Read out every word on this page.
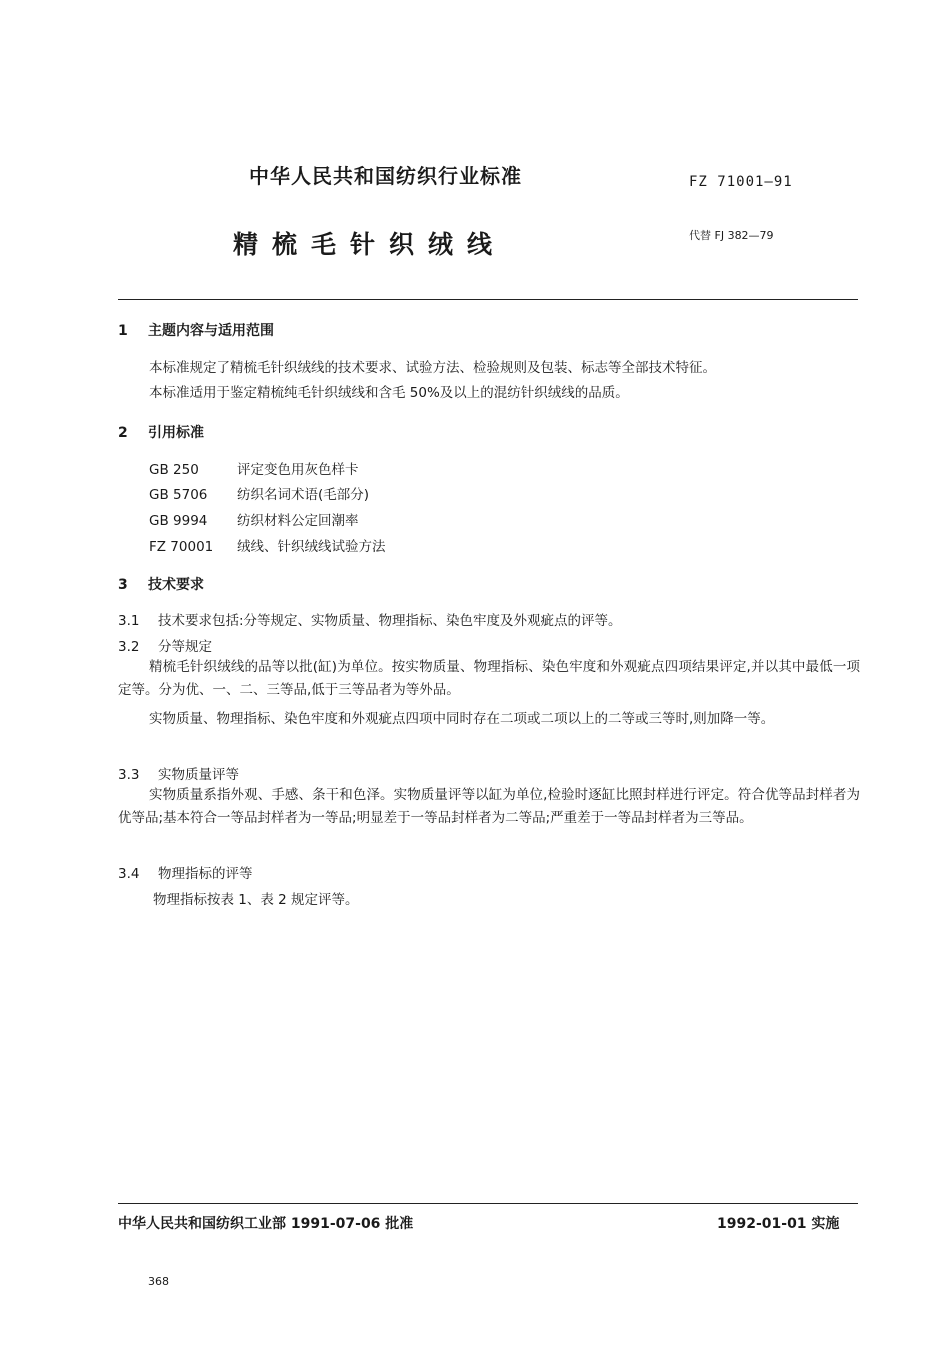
中华人民共和国纺织行业标准	FZ 71001—91
精梳毛针织绒线	代替 FJ 382—79
1 主题内容与适用范围
本标准规定了精梳毛针织绒线的技术要求、试验方法、检验规则及包装、标志等全部技术特征。
本标准适用于鉴定精梳纯毛针织绒线和含毛 50%及以上的混纺针织绒线的品质。
2 引用标准
GB 250	评定变色用灰色样卡
GB 5706 纺织名词术语(毛部分)
GB 9994 纺织材料公定回潮率
FZ 70001 绒线、针织绒线试验方法
3 技术要求
3.1 技术要求包括:分等规定、实物质量、物理指标、染色牢度及外观疵点的评等。
3.2 分等规定
精梳毛针织绒线的品等以批(缸)为单位。按实物质量、物理指标、染色牢度和外观疵点四项结果评定,并以其中最低一项定等。分为优、一、二、三等品,低于三等品者为等外品。
实物质量、物理指标、染色牢度和外观疵点四项中同时存在二项或二项以上的二等或三等时,则加降一等。
3.3 实物质量评等
实物质量系指外观、手感、条干和色泽。实物质量评等以缸为单位,检验时逐缸比照封样进行评定。符合优等品封样者为优等品;基本符合一等品封样者为一等品;明显差于一等品封样者为二等品;严重差于一等品封样者为三等品。
3.4 物理指标的评等
物理指标按表 1、表 2 规定评等。
中华人民共和国纺织工业部 1991-07-06 批准	1992-01-01 实施
368
